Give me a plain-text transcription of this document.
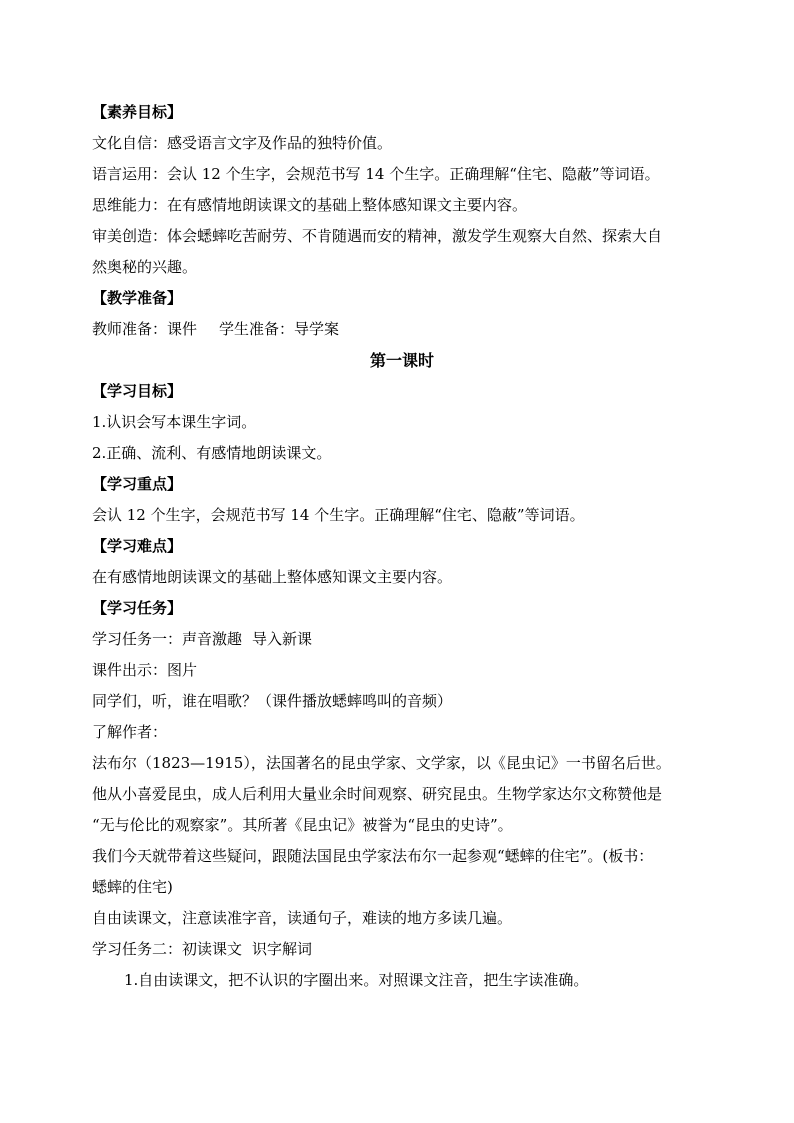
【素养目标】
文化自信：感受语言文字及作品的独特价值。
语言运用：会认 12 个生字，会规范书写 14 个生字。正确理解“住宅、隐蔽”等词语。
思维能力：在有感情地朗读课文的基础上整体感知课文主要内容。
审美创造：体会蟋蟀吃苦耐劳、不肯随遇而安的精神，激发学生观察大自然、探索大自
然奥秘的兴趣。
【教学准备】
教师准备：课件 学生准备：导学案
第一课时
【学习目标】
1.认识会写本课生字词。
2.正确、流利、有感情地朗读课文。
【学习重点】
会认 12 个生字，会规范书写 14 个生字。正确理解“住宅、隐蔽”等词语。
【学习难点】
在有感情地朗读课文的基础上整体感知课文主要内容。
【学习任务】
学习任务一：声音激趣 导入新课
课件出示：图片
同学们，听，谁在唱歌？（课件播放蟋蟀鸣叫的音频）
了解作者：
法布尔（1823—1915），法国著名的昆虫学家、文学家，以《昆虫记》一书留名后世。
他从小喜爱昆虫，成人后利用大量业余时间观察、研究昆虫。生物学家达尔文称赞他是
“无与伦比的观察家”。其所著《昆虫记》被誉为“昆虫的史诗”。
我们今天就带着这些疑问，跟随法国昆虫学家法布尔一起参观“蟋蟀的住宅”。(板书：
蟋蟀的住宅)
自由读课文，注意读准字音，读通句子，难读的地方多读几遍。
学习任务二：初读课文 识字解词
1.自由读课文，把不认识的字圈出来。对照课文注音，把生字读准确。
